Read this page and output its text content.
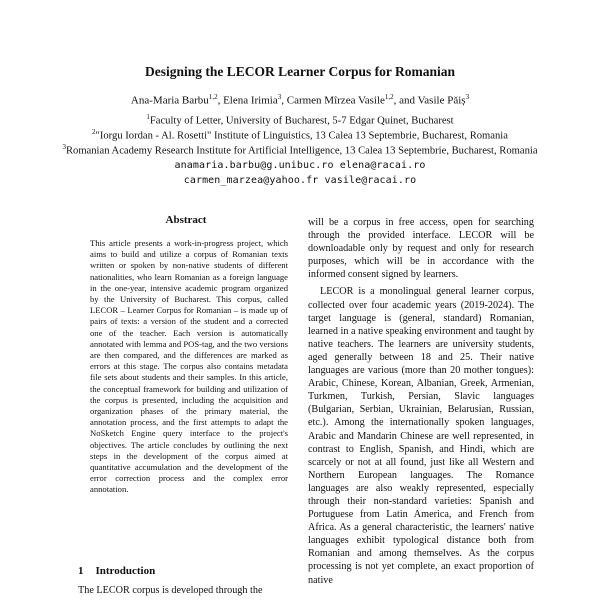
Designing the LECOR Learner Corpus for Romanian
Ana-Maria Barbu$^{1,2}$, Elena Irimia$^3$, Carmen Mîrzea Vasile$^{1,2}$, and Vasile Păiș$^3$
$^1$Faculty of Letter, University of Bucharest, 5-7 Edgar Quinet, Bucharest
$^2$"Iorgu Iordan - Al. Rosetti" Institute of Linguistics, 13 Calea 13 Septembrie, Bucharest, Romania
$^3$Romanian Academy Research Institute for Artificial Intelligence, 13 Calea 13 Septembrie, Bucharest, Romania
anamaria.barbu@g.unibuc.ro elena@racai.ro
carmen_marzea@yahoo.fr vasile@racai.ro
Abstract
This article presents a work-in-progress project, which aims to build and utilize a corpus of Romanian texts written or spoken by non-native students of different nationalities, who learn Romanian as a foreign language in the one-year, intensive academic program organized by the University of Bucharest. This corpus, called LECOR – Learner Corpus for Romanian – is made up of pairs of texts: a version of the student and a corrected one of the teacher. Each version is automatically annotated with lemma and POS-tag, and the two versions are then compared, and the differences are marked as errors at this stage. The corpus also contains metadata file sets about students and their samples. In this article, the conceptual framework for building and utilization of the corpus is presented, including the acquisition and organization phases of the primary material, the annotation process, and the first attempts to adapt the NoSketch Engine query interface to the project's objectives. The article concludes by outlining the next steps in the development of the corpus aimed at quantitative accumulation and the development of the error correction process and the complex error annotation.
1 Introduction
The LECOR corpus is developed through the

will be a corpus in free access, open for searching through the provided interface. LECOR will be downloadable only by request and only for research purposes, which will be in accordance with the informed consent signed by learners.

LECOR is a monolingual general learner corpus, collected over four academic years (2019-2024). The target language is (general, standard) Romanian, learned in a native speaking environment and taught by native teachers. The learners are university students, aged generally between 18 and 25. Their native languages are various (more than 20 mother tongues): Arabic, Chinese, Korean, Albanian, Greek, Armenian, Turkmen, Turkish, Persian, Slavic languages (Bulgarian, Serbian, Ukrainian, Belarusian, Russian, etc.). Among the internationally spoken languages, Arabic and Mandarin Chinese are well represented, in contrast to English, Spanish, and Hindi, which are scarcely or not at all found, just like all Western and Northern European languages. The Romance languages are also weakly represented, especially through their non-standard varieties: Spanish and Portuguese from Latin America, and French from Africa. As a general characteristic, the learners' native languages exhibit typological distance both from Romanian and among themselves. As the corpus processing is not yet complete, an exact proportion of native
